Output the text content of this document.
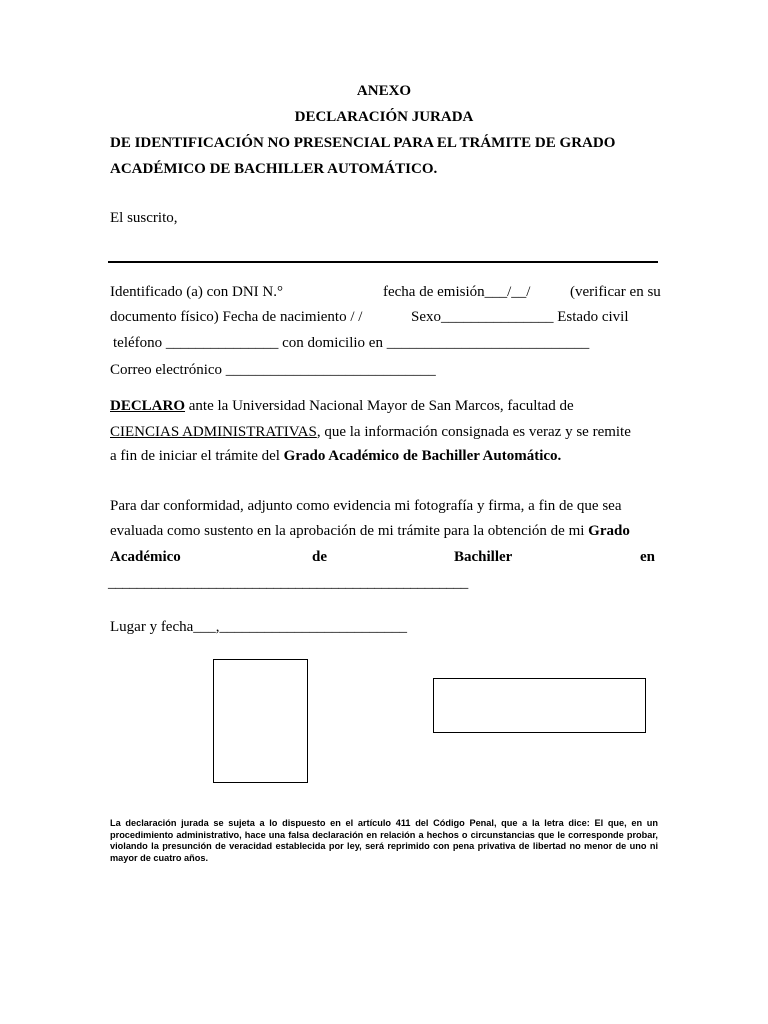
ANEXO
DECLARACIÓN JURADA
DE IDENTIFICACIÓN NO PRESENCIAL PARA EL TRÁMITE DE GRADO
ACADÉMICO DE BACHILLER AUTOMÁTICO.
El suscrito,
Identificado (a) con DNI N.°	fecha de emisión___/__/	(verificar en su
documento físico) Fecha de nacimiento / /	Sexo_______________ Estado civil
teléfono _______________ con domicilio en ___________________________
Correo electrónico ____________________________
DECLARO ante la Universidad Nacional Mayor de San Marcos, facultad de
CIENCIAS ADMINISTRATIVAS, que la información consignada es veraz y se remite
a fin de iniciar el trámite del Grado Académico de Bachiller Automático.
Para dar conformidad, adjunto como evidencia mi fotografía y firma, a fin de que sea
evaluada como sustento en la aprobación de mi trámite para la obtención de mi Grado
Académico	de	Bachiller	en
__________________________________________________
Lugar y fecha___,_________________________
La declaración jurada se sujeta a lo dispuesto en el artículo 411 del Código Penal, que a la letra dice: El que, en un procedimiento administrativo, hace una falsa declaración en relación a hechos o circunstancias que le corresponde probar, violando la presunción de veracidad establecida por ley, será reprimido con pena privativa de libertad no menor de uno ni mayor de cuatro años.
